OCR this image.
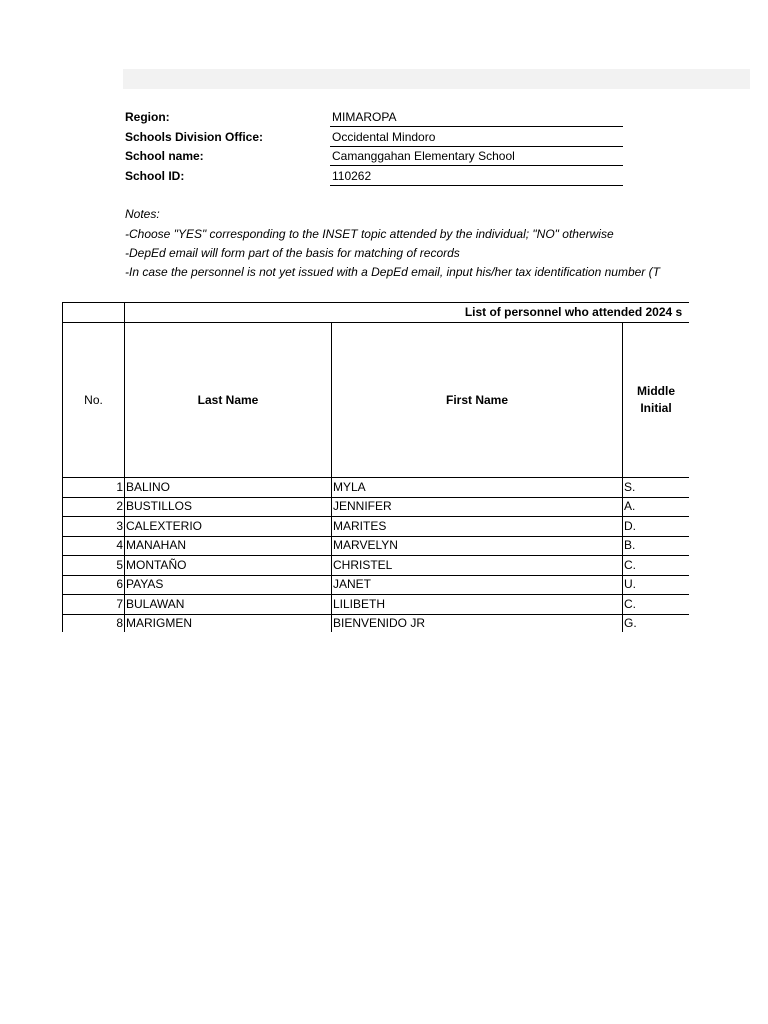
Region:	MIMAROPA
Schools Division Office:	Occidental Mindoro
School name:	Camanggahan Elementary School
School ID:	110262
Notes:
-Choose "YES" corresponding to the INSET topic attended by the individual; "NO" otherwise
-DepEd email will form part of the basis for matching of records
-In case the personnel is not yet issued with a DepEd email, input his/her tax identification number (T
	List of personnel who attended 2024 s			
No.	Last Name	First Name	Middle
Initial	
1	BALINO	MYLA	S.	
2	BUSTILLOS	JENNIFER	A.	
3	CALEXTERIO	MARITES	D.	
4	MANAHAN	MARVELYN	B.	
5	MONTAÑO	CHRISTEL	C.	
6	PAYAS	JANET	U.	
7	BULAWAN	LILIBETH	C.	
8	MARIGMEN	BIENVENIDO JR	G.	
